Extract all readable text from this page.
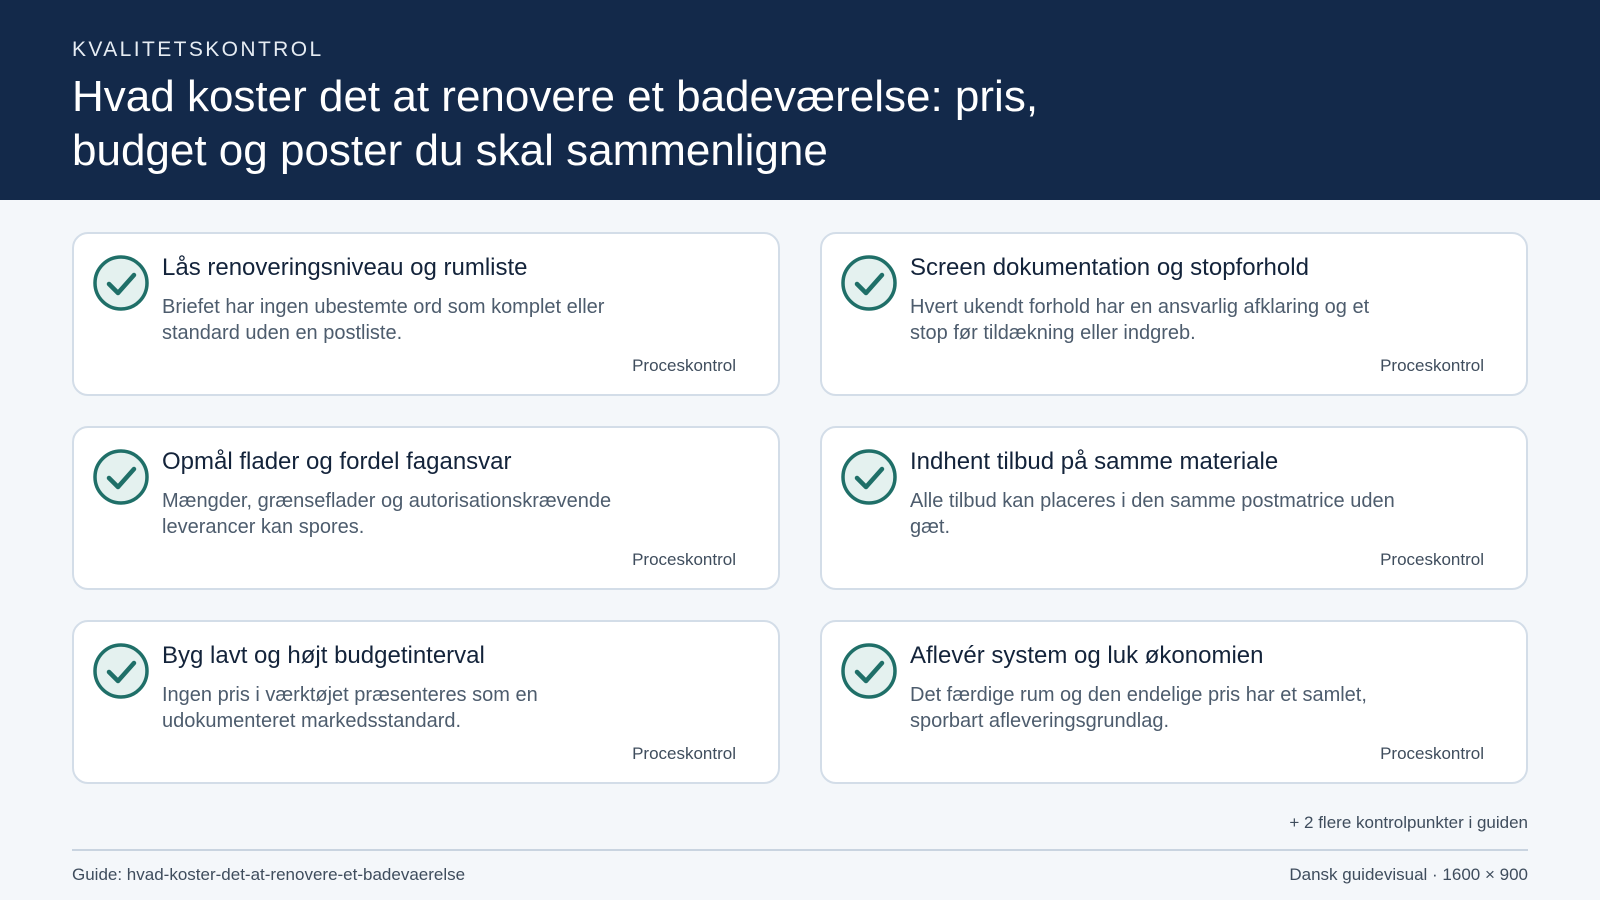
KVALITETSKONTROL
Hvad koster det at renovere et badeværelse: pris, budget og poster du skal sammenligne
Lås renoveringsniveau og rumliste
Briefet har ingen ubestemte ord som komplet eller standard uden en postliste.
Proceskontrol
Screen dokumentation og stopforhold
Hvert ukendt forhold har en ansvarlig afklaring og et stop før tildækning eller indgreb.
Proceskontrol
Opmål flader og fordel fagansvar
Mængder, grænseflader og autorisationskrævende leverancer kan spores.
Proceskontrol
Indhent tilbud på samme materiale
Alle tilbud kan placeres i den samme postmatrice uden gæt.
Proceskontrol
Byg lavt og højt budgetinterval
Ingen pris i værktøjet præsenteres som en udokumenteret markedsstandard.
Proceskontrol
Aflevér system og luk økonomien
Det færdige rum og den endelige pris har et samlet, sporbart afleveringsgrundlag.
Proceskontrol
+ 2 flere kontrolpunkter i guiden
Guide: hvad-koster-det-at-renovere-et-badevaerelse	Dansk guidevisual · 1600 × 900
